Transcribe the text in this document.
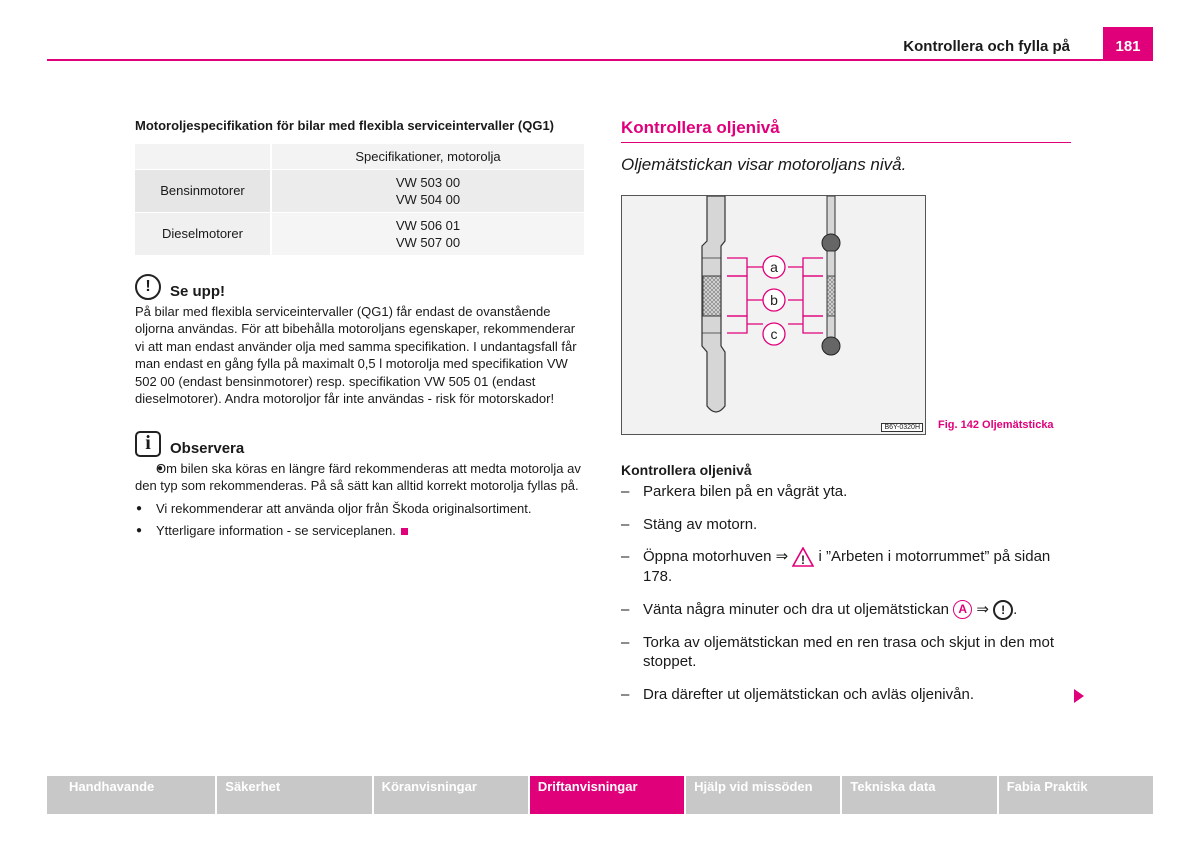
Kontrollera och fylla på	181
Motoroljespecifikation för bilar med flexibla serviceintervaller (QG1)
	Specifikationer, motorolja
Bensinmotorer	VW 503 00
VW 504 00

Dieselmotorer	VW 506 01
VW 507 00
!	Se upp!
På bilar med flexibla serviceintervaller (QG1) får endast de ovanstående oljorna användas. För att bibehålla motoroljans egenskaper, rekommenderar vi att man endast använder olja med samma specifikation. I undantagsfall får man endast en gång fylla på maximalt 0,5 l motorolja med specifikation VW 502 00 (endast bensinmotorer) resp. specifikation VW 505 01 (endast dieselmotorer). Andra motoroljor får inte användas - risk för motorskador!
i	Observera
● Om bilen ska köras en längre färd rekommenderas att medta motorolja av den typ som rekommenderas. På så sätt kan alltid korrekt motorolja fyllas på.
● Vi rekommenderar att använda oljor från Škoda originalsortiment.
● Ytterligare information - se serviceplanen.
Kontrollera oljenivå
Oljemätstickan visar motoroljans nivå.
a
b
c
B6Y-0320H Fig. 142 Oljemätsticka
Kontrollera oljenivå
– Parkera bilen på en vågrät yta.
– Stäng av motorn.
– Öppna motorhuven ⇒ ! i ”Arbeten i motorrummet” på sidan 178.
– Vänta några minuter och dra ut oljemätstickan A ⇒ ! .
– Torka av oljemätstickan med en ren trasa och skjut in den mot stoppet.
– Dra därefter ut oljemätstickan och avläs oljenivån.
Handhavande	Säkerhet	Köranvisningar	Driftanvisningar	Hjälp vid missöden	Tekniska data	Fabia Praktik
